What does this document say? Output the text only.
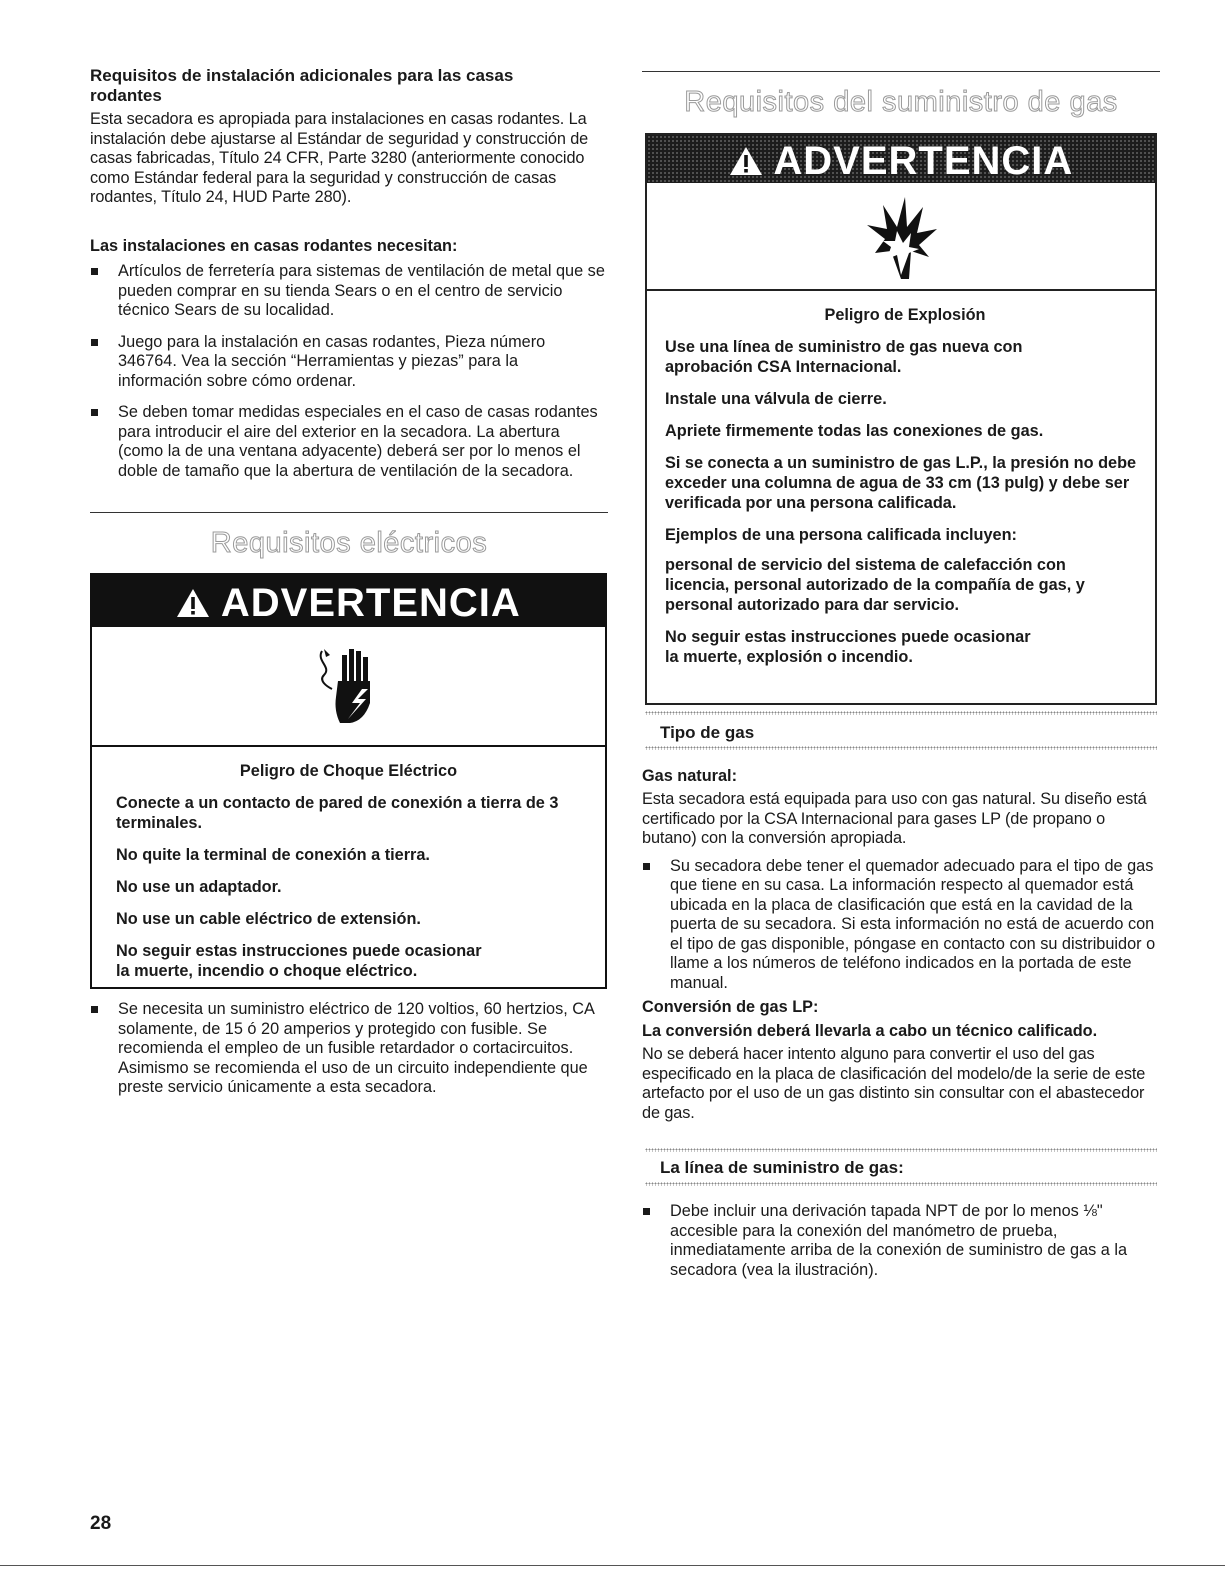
Requisitos de instalación adicionales para las casas rodantes

Esta secadora es apropiada para instalaciones en casas rodantes. La instalación debe ajustarse al Estándar de seguridad y construcción de casas fabricadas, Título 24 CFR, Parte 3280 (anteriormente conocido como Estándar federal para la seguridad y construcción de casas rodantes, Título 24, HUD Parte 280).

Las instalaciones en casas rodantes necesitan:

Artículos de ferretería para sistemas de ventilación de metal que se pueden comprar en su tienda Sears o en el centro de servicio técnico Sears de su localidad.
Juego para la instalación en casas rodantes, Pieza número 346764. Vea la sección “Herramientas y piezas” para la información sobre cómo ordenar.
Se deben tomar medidas especiales en el caso de casas rodantes para introducir el aire del exterior en la secadora. La abertura (como la de una ventana adyacente) deberá ser por lo menos el doble de tamaño que la abertura de ventilación de la secadora.

Requisitos eléctricos

ADVERTENCIA

Peligro de Choque Eléctrico

Conecte a un contacto de pared de conexión a tierra de 3 terminales.

No quite la terminal de conexión a tierra.

No use un adaptador.

No use un cable eléctrico de extensión.

No seguir estas instrucciones puede ocasionar la muerte, incendio o choque eléctrico.

Se necesita un suministro eléctrico de 120 voltios, 60 hertzios, CA solamente, de 15 ó 20 amperios y protegido con fusible. Se recomienda el empleo de un fusible retardador o cortacircuitos. Asimismo se recomienda el uso de un circuito independiente que preste servicio únicamente a esta secadora.

Requisitos del suministro de gas

ADVERTENCIA

Peligro de Explosión

Use una línea de suministro de gas nueva con aprobación CSA Internacional.

Instale una válvula de cierre.

Apriete firmemente todas las conexiones de gas.

Si se conecta a un suministro de gas L.P., la presión no debe exceder una columna de agua de 33 cm (13 pulg) y debe ser verificada por una persona calificada.

Ejemplos de una persona calificada incluyen:

personal de servicio del sistema de calefacción con licencia, personal autorizado de la compañía de gas, y personal autorizado para dar servicio.

No seguir estas instrucciones puede ocasionar la muerte, explosión o incendio.

Tipo de gas

Gas natural:

Esta secadora está equipada para uso con gas natural. Su diseño está certificado por la CSA Internacional para gases LP (de propano o butano) con la conversión apropiada.

Su secadora debe tener el quemador adecuado para el tipo de gas que tiene en su casa. La información respecto al quemador está ubicada en la placa de clasificación que está en la cavidad de la puerta de su secadora. Si esta información no está de acuerdo con el tipo de gas disponible, póngase en contacto con su distribuidor o llame a los números de teléfono indicados en la portada de este manual.

Conversión de gas LP:

La conversión deberá llevarla a cabo un técnico calificado.

No se deberá hacer intento alguno para convertir el uso del gas especificado en la placa de clasificación del modelo/de la serie de este artefacto por el uso de un gas distinto sin consultar con el abastecedor de gas.

La línea de suministro de gas:

Debe incluir una derivación tapada NPT de por lo menos ⅛" accesible para la conexión del manómetro de prueba, inmediatamente arriba de la conexión de suministro de gas a la secadora (vea la ilustración).
28
